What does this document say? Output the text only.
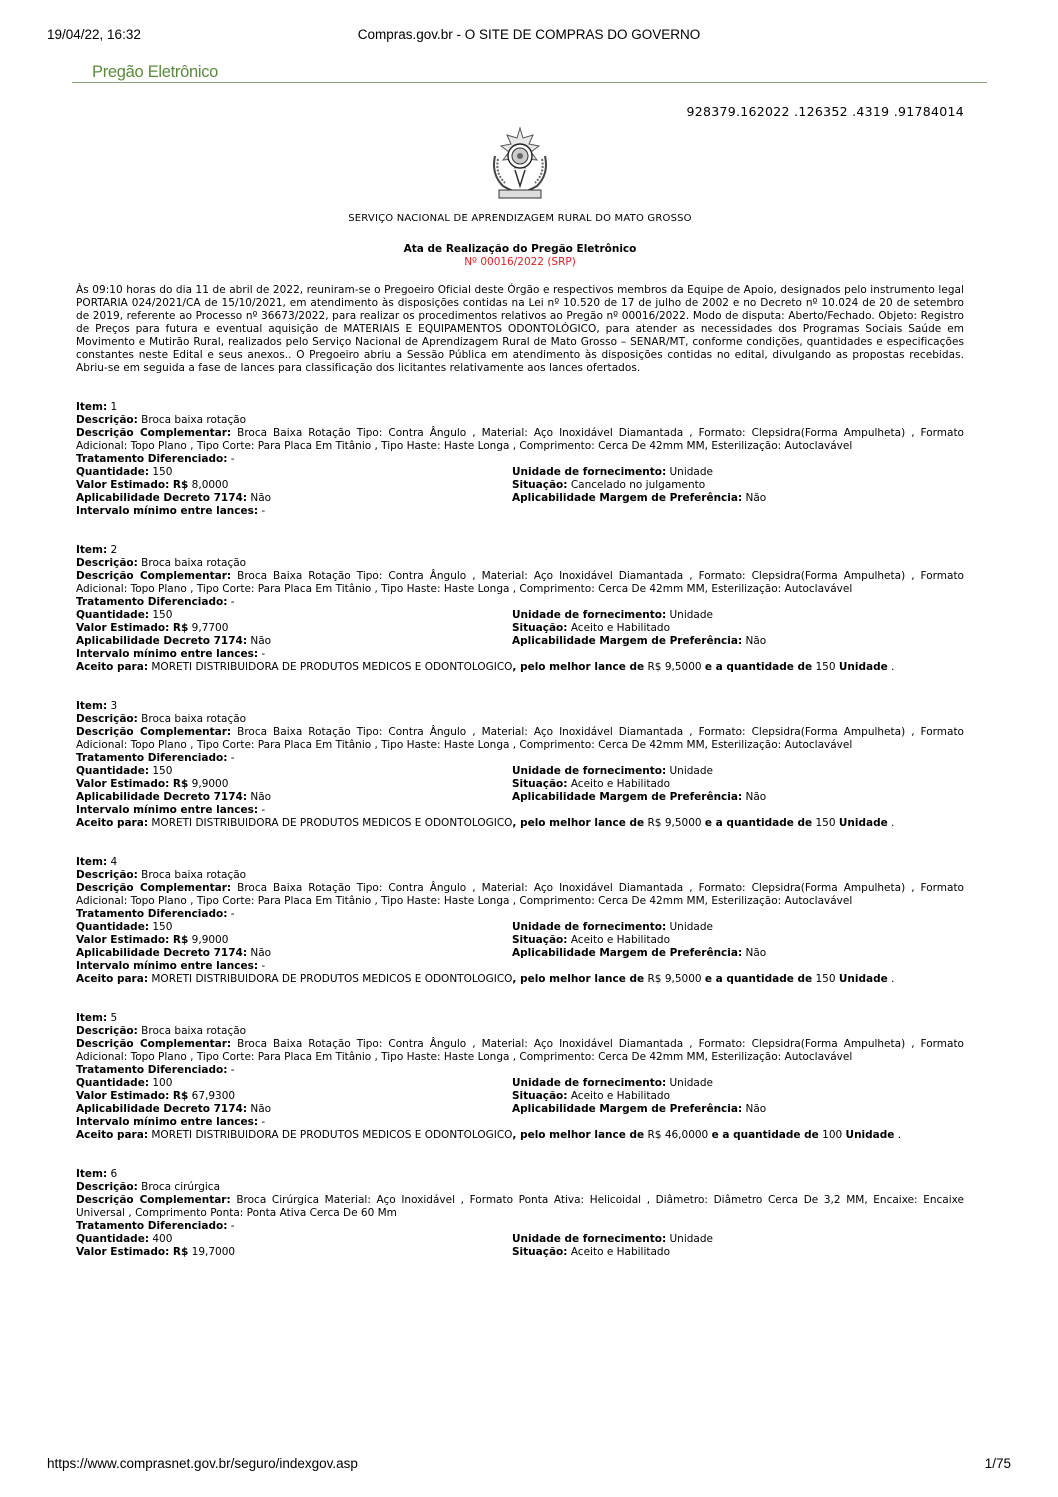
19/04/22, 16:32	Compras.gov.br - O SITE DE COMPRAS DO GOVERNO
Pregão Eletrônico
928379.162022 .126352 .4319 .91784014
SERVIÇO NACIONAL DE APRENDIZAGEM RURAL DO MATO GROSSO
Ata de Realização do Pregão Eletrônico
Nº 00016/2022 (SRP)
Às 09:10 horas do dia 11 de abril de 2022, reuniram-se o Pregoeiro Oficial deste Órgão e respectivos membros da Equipe de Apoio, designados pelo instrumento legal PORTARIA 024/2021/CA de 15/10/2021, em atendimento às disposições contidas na Lei nº 10.520 de 17 de julho de 2002 e no Decreto nº 10.024 de 20 de setembro de 2019, referente ao Processo nº 36673/2022, para realizar os procedimentos relativos ao Pregão nº 00016/2022. Modo de disputa: Aberto/Fechado. Objeto: Registro de Preços para futura e eventual aquisição de MATERIAIS E EQUIPAMENTOS ODONTOLÓGICO, para atender as necessidades dos Programas Sociais Saúde em Movimento e Mutirão Rural, realizados pelo Serviço Nacional de Aprendizagem Rural de Mato Grosso – SENAR/MT, conforme condições, quantidades e especificações constantes neste Edital e seus anexos.. O Pregoeiro abriu a Sessão Pública em atendimento às disposições contidas no edital, divulgando as propostas recebidas. Abriu-se em seguida a fase de lances para classificação dos licitantes relativamente aos lances ofertados.

Item: 1

Descrição: Broca baixa rotação

Descrição Complementar: Broca Baixa Rotação Tipo: Contra Ângulo , Material: Aço Inoxidável Diamantada , Formato: Clepsidra(Forma Ampulheta) , Formato Adicional: Topo Plano , Tipo Corte: Para Placa Em Titânio , Tipo Haste: Haste Longa , Comprimento: Cerca De 42mm MM, Esterilização: Autoclavável

Tratamento Diferenciado: -

Quantidade: 150	Unidade de fornecimento: Unidade
Valor Estimado: R$ 8,0000	Situação: Cancelado no julgamento
Aplicabilidade Decreto 7174: Não	Aplicabilidade Margem de Preferência: Não

Intervalo mínimo entre lances: -

Item: 2

Descrição: Broca baixa rotação

Descrição Complementar: Broca Baixa Rotação Tipo: Contra Ângulo , Material: Aço Inoxidável Diamantada , Formato: Clepsidra(Forma Ampulheta) , Formato Adicional: Topo Plano , Tipo Corte: Para Placa Em Titânio , Tipo Haste: Haste Longa , Comprimento: Cerca De 42mm MM, Esterilização: Autoclavável

Tratamento Diferenciado: -

Quantidade: 150	Unidade de fornecimento: Unidade
Valor Estimado: R$ 9,7700	Situação: Aceito e Habilitado
Aplicabilidade Decreto 7174: Não	Aplicabilidade Margem de Preferência: Não

Intervalo mínimo entre lances: -

Aceito para: MORETI DISTRIBUIDORA DE PRODUTOS MEDICOS E ODONTOLOGICO, pelo melhor lance de R$ 9,5000 e a quantidade de 150 Unidade .

Item: 3

Descrição: Broca baixa rotação

Descrição Complementar: Broca Baixa Rotação Tipo: Contra Ângulo , Material: Aço Inoxidável Diamantada , Formato: Clepsidra(Forma Ampulheta) , Formato Adicional: Topo Plano , Tipo Corte: Para Placa Em Titânio , Tipo Haste: Haste Longa , Comprimento: Cerca De 42mm MM, Esterilização: Autoclavável

Tratamento Diferenciado: -

Quantidade: 150	Unidade de fornecimento: Unidade
Valor Estimado: R$ 9,9000	Situação: Aceito e Habilitado
Aplicabilidade Decreto 7174: Não	Aplicabilidade Margem de Preferência: Não

Intervalo mínimo entre lances: -

Aceito para: MORETI DISTRIBUIDORA DE PRODUTOS MEDICOS E ODONTOLOGICO, pelo melhor lance de R$ 9,5000 e a quantidade de 150 Unidade .

Item: 4

Descrição: Broca baixa rotação

Descrição Complementar: Broca Baixa Rotação Tipo: Contra Ângulo , Material: Aço Inoxidável Diamantada , Formato: Clepsidra(Forma Ampulheta) , Formato Adicional: Topo Plano , Tipo Corte: Para Placa Em Titânio , Tipo Haste: Haste Longa , Comprimento: Cerca De 42mm MM, Esterilização: Autoclavável

Tratamento Diferenciado: -

Quantidade: 150	Unidade de fornecimento: Unidade
Valor Estimado: R$ 9,9000	Situação: Aceito e Habilitado
Aplicabilidade Decreto 7174: Não	Aplicabilidade Margem de Preferência: Não

Intervalo mínimo entre lances: -

Aceito para: MORETI DISTRIBUIDORA DE PRODUTOS MEDICOS E ODONTOLOGICO, pelo melhor lance de R$ 9,5000 e a quantidade de 150 Unidade .

Item: 5

Descrição: Broca baixa rotação

Descrição Complementar: Broca Baixa Rotação Tipo: Contra Ângulo , Material: Aço Inoxidável Diamantada , Formato: Clepsidra(Forma Ampulheta) , Formato Adicional: Topo Plano , Tipo Corte: Para Placa Em Titânio , Tipo Haste: Haste Longa , Comprimento: Cerca De 42mm MM, Esterilização: Autoclavável

Tratamento Diferenciado: -

Quantidade: 100	Unidade de fornecimento: Unidade
Valor Estimado: R$ 67,9300	Situação: Aceito e Habilitado
Aplicabilidade Decreto 7174: Não	Aplicabilidade Margem de Preferência: Não

Intervalo mínimo entre lances: -

Aceito para: MORETI DISTRIBUIDORA DE PRODUTOS MEDICOS E ODONTOLOGICO, pelo melhor lance de R$ 46,0000 e a quantidade de 100 Unidade .

Item: 6

Descrição: Broca cirúrgica

Descrição Complementar: Broca Cirúrgica Material: Aço Inoxidável , Formato Ponta Ativa: Helicoidal , Diâmetro: Diâmetro Cerca De 3,2 MM, Encaixe: Encaixe Universal , Comprimento Ponta: Ponta Ativa Cerca De 60 Mm

Tratamento Diferenciado: -

Quantidade: 400	Unidade de fornecimento: Unidade
Valor Estimado: R$ 19,7000	Situação: Aceito e Habilitado
https://www.comprasnet.gov.br/seguro/indexgov.asp	1/75
